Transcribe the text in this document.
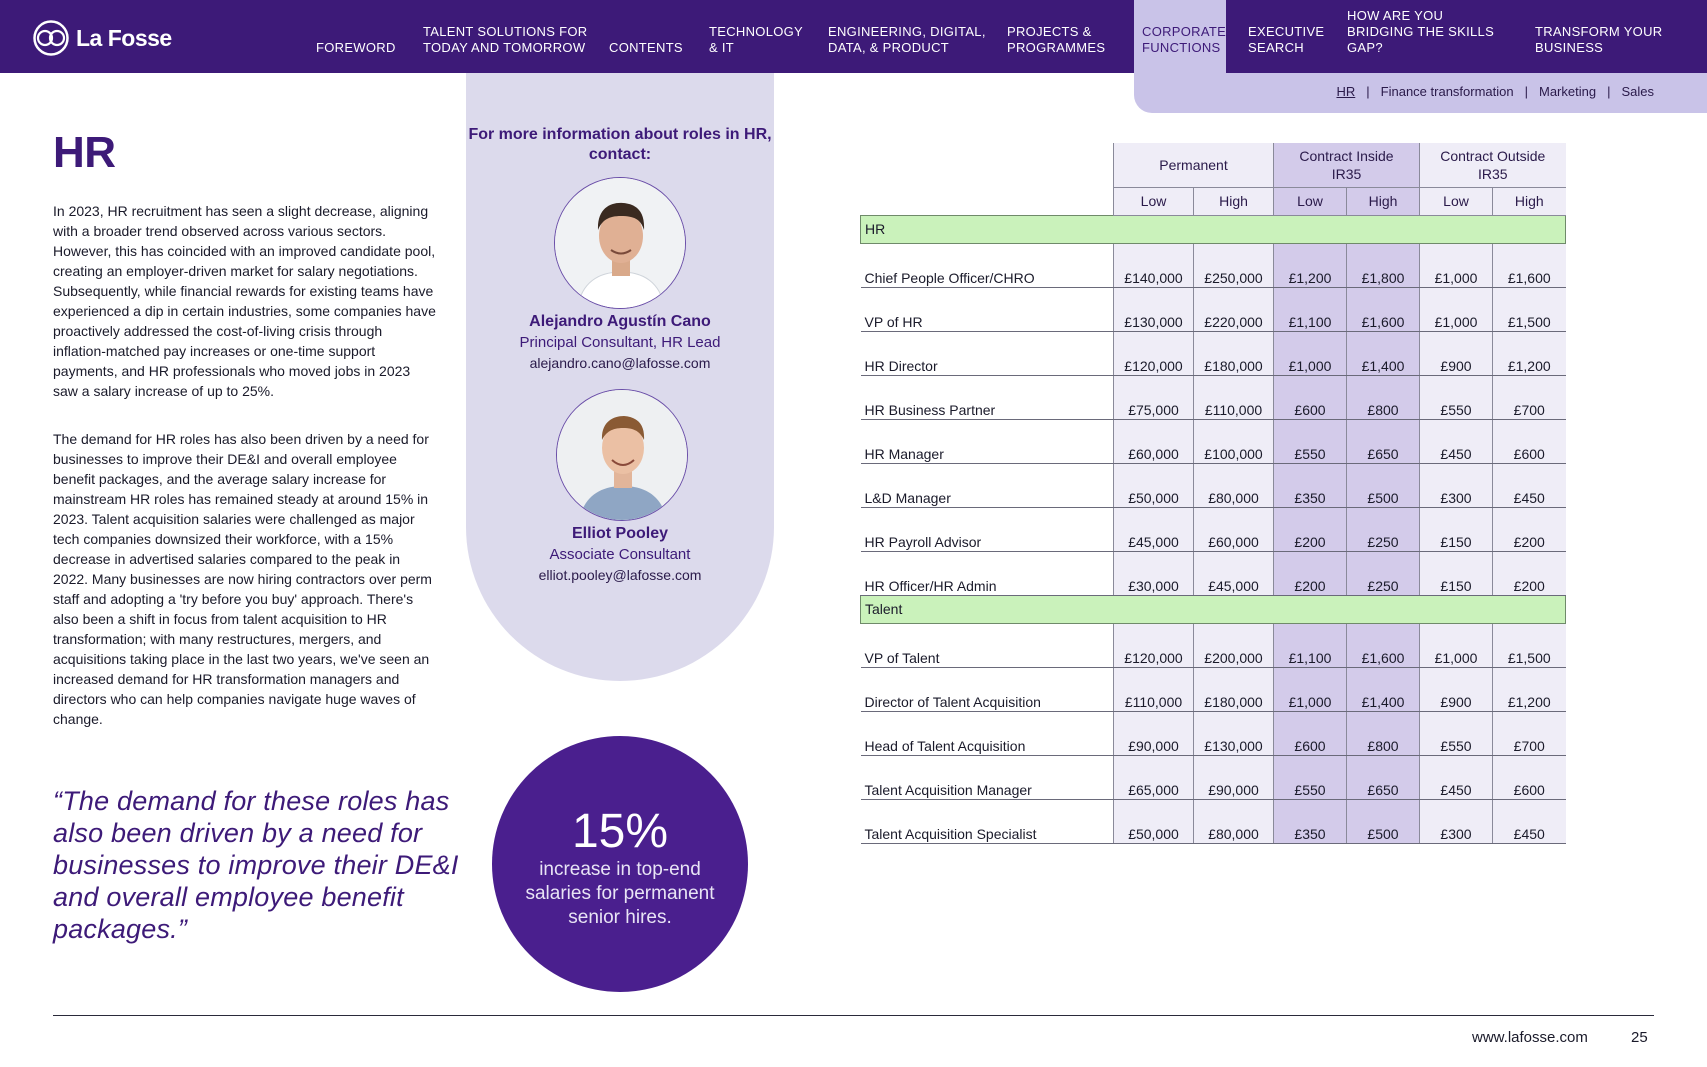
La Fosse	FOREWORD
TALENT SOLUTIONS FOR TODAY AND TOMORROW	CONTENTS
TECHNOLOGY & IT
ENGINEERING, DIGITAL, DATA, & PRODUCT
PROJECTS & PROGRAMMES
CORPORATE FUNCTIONS
EXECUTIVE SEARCH
HOW ARE YOU BRIDGING THE SKILLS GAP?
TRANSFORM YOUR BUSINESS
HR | Finance transformation | Marketing | Sales
HR

In 2023, HR recruitment has seen a slight decrease, aligning with a broader trend observed across various sectors. However, this has coincided with an improved candidate pool, creating an employer-driven market for salary negotiations. Subsequently, while financial rewards for existing teams have experienced a dip in certain industries, some companies have proactively addressed the cost-of-living crisis through inflation-matched pay increases or one-time support payments, and HR professionals who moved jobs in 2023 saw a salary increase of up to 25%.

The demand for HR roles has also been driven by a need for businesses to improve their DE&I and overall employee benefit packages, and the average salary increase for mainstream HR roles has remained steady at around 15% in 2023. Talent acquisition salaries were challenged as major tech companies downsized their workforce, with a 15% decrease in advertised salaries compared to the peak in 2022. Many businesses are now hiring contractors over perm staff and adopting a 'try before you buy' approach. There's also been a shift in focus from talent acquisition to HR transformation; with many restructures, mergers, and acquisitions taking place in the last two years, we've seen an increased demand for HR transformation managers and directors who can help companies navigate huge waves of change.

“The demand for these roles has also been driven by a need for businesses to improve their DE&I and overall employee benefit packages.”

For more information about roles in HR, contact:

Alejandro Agustín Cano

Principal Consultant, HR Lead

alejandro.cano@lafosse.com

Elliot Pooley

Associate Consultant

elliot.pooley@lafosse.com
15%
increase in top-end salaries for permanent senior hires.
	Permanent		Contract Inside IR35		Contract Outside IR35	

	Low	High	Low	High	Low	High
HR						
Chief People Officer/CHRO	£140,000	£250,000	£1,200	£1,800	£1,000	£1,600
VP of HR	£130,000	£220,000	£1,100	£1,600	£1,000	£1,500
HR Director	£120,000	£180,000	£1,000	£1,400	£900	£1,200
HR Business Partner	£75,000	£110,000	£600	£800	£550	£700
HR Manager	£60,000	£100,000	£550	£650	£450	£600
L&D Manager	£50,000	£80,000	£350	£500	£300	£450
HR Payroll Advisor	£45,000	£60,000	£200	£250	£150	£200
HR Officer/HR Admin	£30,000	£45,000	£200	£250	£150	£200
Talent						
VP of Talent	£120,000	£200,000	£1,100	£1,600	£1,000	£1,500
Director of Talent Acquisition	£110,000	£180,000	£1,000	£1,400	£900	£1,200
Head of Talent Acquisition	£90,000	£130,000	£600	£800	£550	£700
Talent Acquisition Manager	£65,000	£90,000	£550	£650	£450	£600
Talent Acquisition Specialist	£50,000	£80,000	£350	£500	£300	£450
www.lafosse.com	25
